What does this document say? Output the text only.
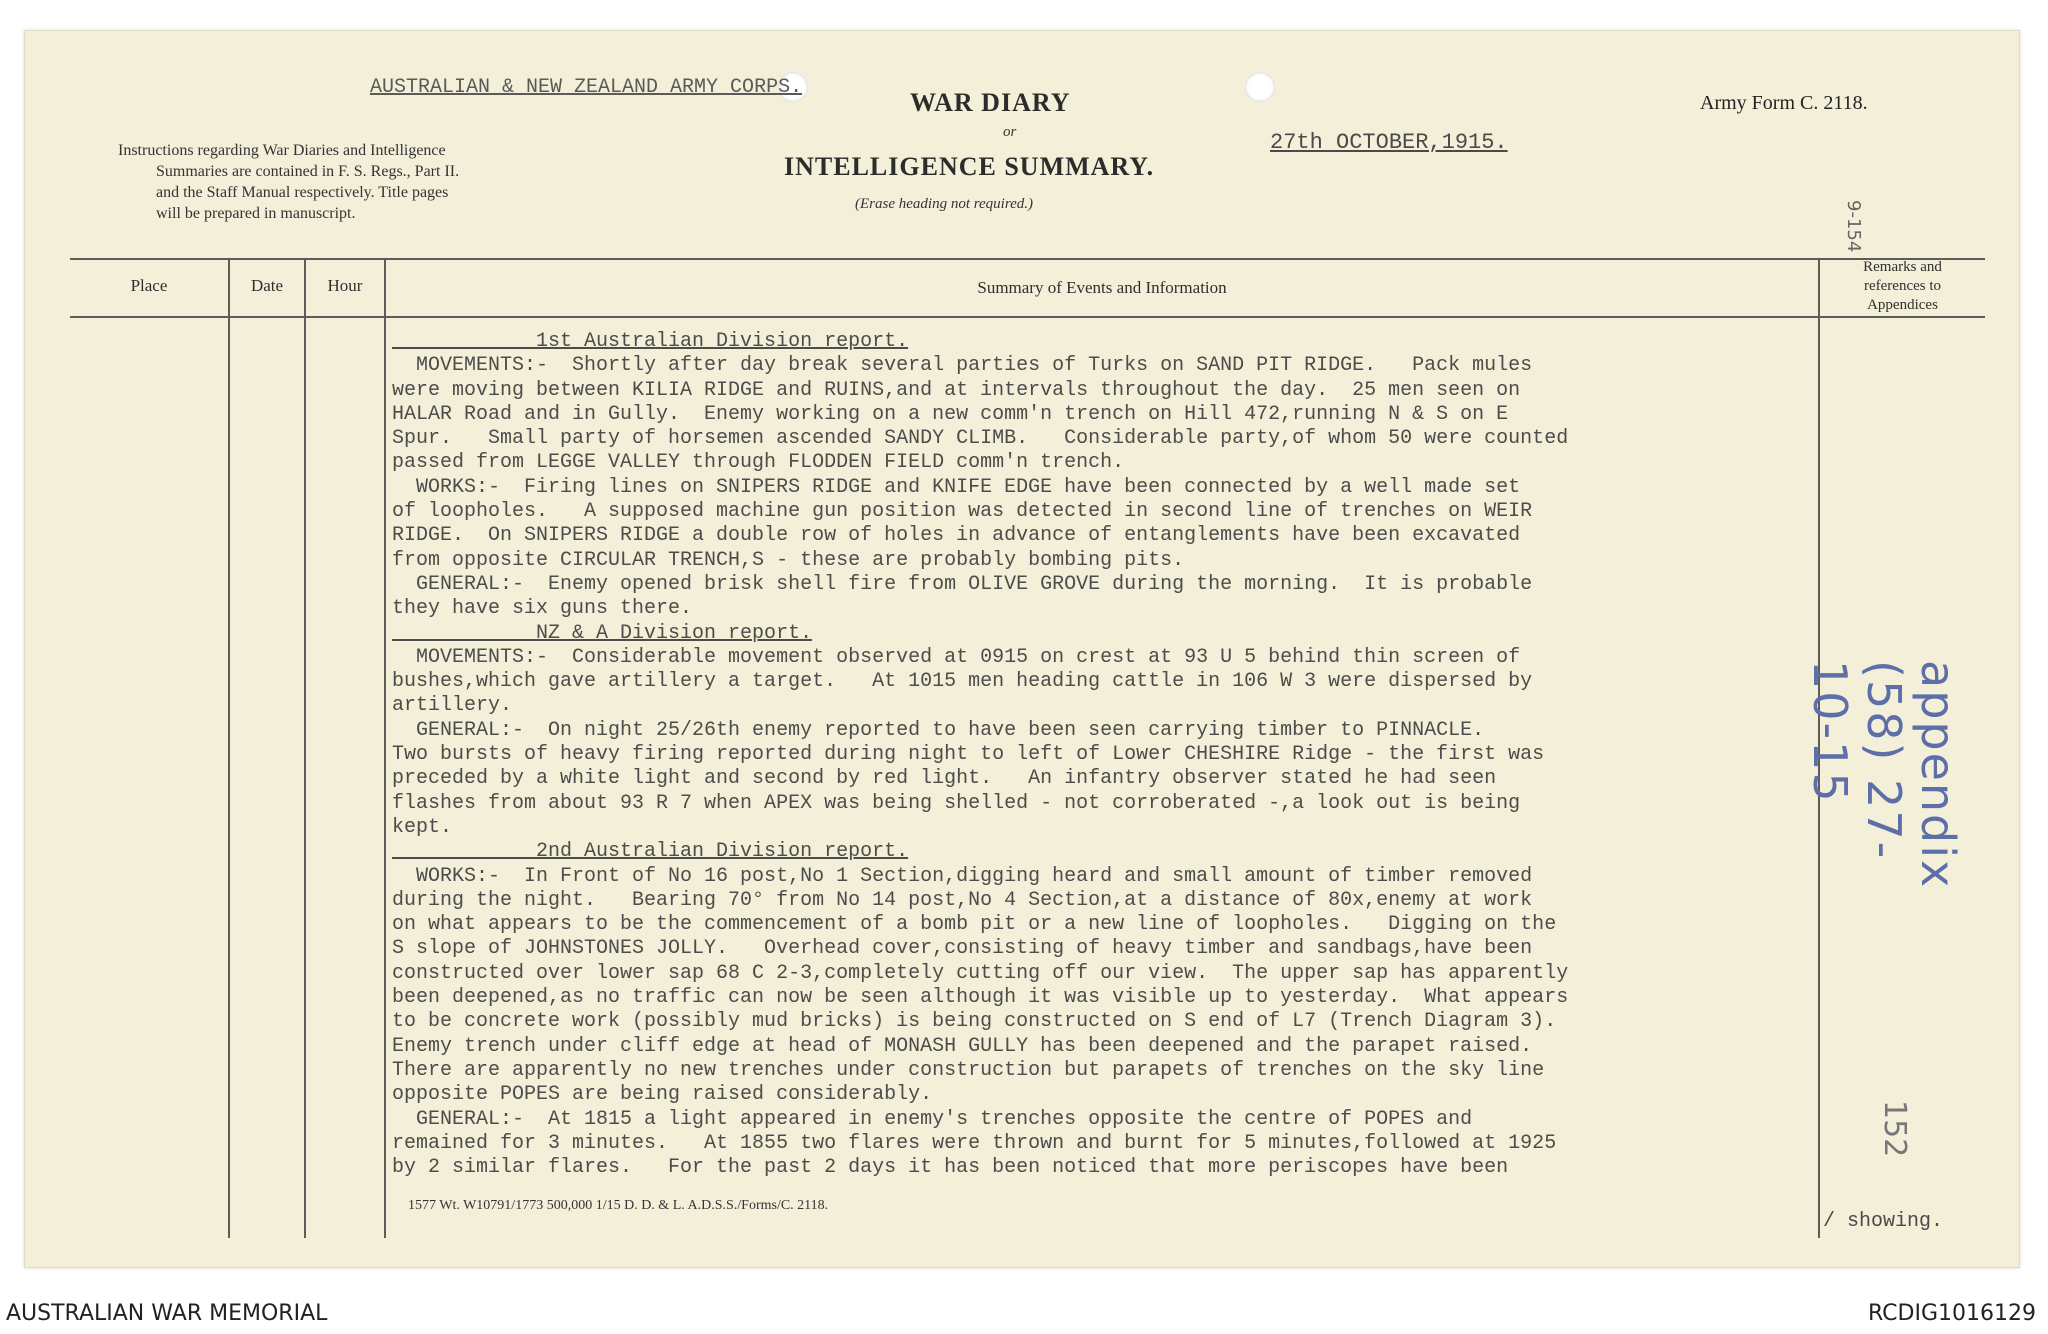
AUSTRALIAN & NEW ZEALAND ARMY CORPS.
WAR DIARY
or
INTELLIGENCE SUMMARY.
(Erase heading not required.)
27th OCTOBER,1915.
Army Form C. 2118.
Instructions regarding War Diaries and Intelligence
Summaries are contained in F. S. Regs., Part II.
and the Staff Manual respectively. Title pages
will be prepared in manuscript.
Place	Date	Hour	Summary of Events and Information
Remarks and
references to
Appendices
1st Australian Division report.
MOVEMENTS:-  Shortly after day break several parties of Turks on SAND PIT RIDGE.   Pack mules
were moving between KILIA RIDGE and RUINS,and at intervals throughout the day.  25 men seen on
HALAR Road and in Gully.  Enemy working on a new comm'n trench on Hill 472,running N & S on E
Spur.   Small party of horsemen ascended SANDY CLIMB.   Considerable party,of whom 50 were counted
passed from LEGGE VALLEY through FLODDEN FIELD comm'n trench.
WORKS:-  Firing lines on SNIPERS RIDGE and KNIFE EDGE have been connected by a well made set
of loopholes.   A supposed machine gun position was detected in second line of trenches on WEIR
RIDGE.  On SNIPERS RIDGE a double row of holes in advance of entanglements have been excavated
from opposite CIRCULAR TRENCH,S - these are probably bombing pits.
GENERAL:-  Enemy opened brisk shell fire from OLIVE GROVE during the morning.  It is probable
they have six guns there.
NZ & A Division report.
MOVEMENTS:-  Considerable movement observed at 0915 on crest at 93 U 5 behind thin screen of
bushes,which gave artillery a target.   At 1015 men heading cattle in 106 W 3 were dispersed by
artillery.
GENERAL:-  On night 25/26th enemy reported to have been seen carrying timber to PINNACLE.
Two bursts of heavy firing reported during night to left of Lower CHESHIRE Ridge - the first was
preceded by a white light and second by red light.   An infantry observer stated he had seen
flashes from about 93 R 7 when APEX was being shelled - not corroberated -,a look out is being
kept.
2nd Australian Division report.
WORKS:-  In Front of No 16 post,No 1 Section,digging heard and small amount of timber removed
during the night.   Bearing 70° from No 14 post,No 4 Section,at a distance of 80x,enemy at work
on what appears to be the commencement of a bomb pit or a new line of loopholes.   Digging on the
S slope of JOHNSTONES JOLLY.   Overhead cover,consisting of heavy timber and sandbags,have been
constructed over lower sap 68 C 2-3,completely cutting off our view.  The upper sap has apparently
been deepened,as no traffic can now be seen although it was visible up to yesterday.  What appears
to be concrete work (possibly mud bricks) is being constructed on S end of L7 (Trench Diagram 3).
Enemy trench under cliff edge at head of MONASH GULLY has been deepened and the parapet raised.
There are apparently no new trenches under construction but parapets of trenches on the sky line
opposite POPES are being raised considerably.
GENERAL:-  At 1815 a light appeared in enemy's trenches opposite the centre of POPES and
remained for 3 minutes.   At 1855 two flares were thrown and burnt for 5 minutes,followed at 1925
by 2 similar flares.   For the past 2 days it has been noticed that more periscopes have been
/ showing.
1577 Wt. W10791/1773 500,000 1/15 D. D. & L. A.D.S.S./Forms/C. 2118.
appendix (58) 27-10-15
152
9-154
AUSTRALIAN WAR MEMORIAL	RCDIG1016129
